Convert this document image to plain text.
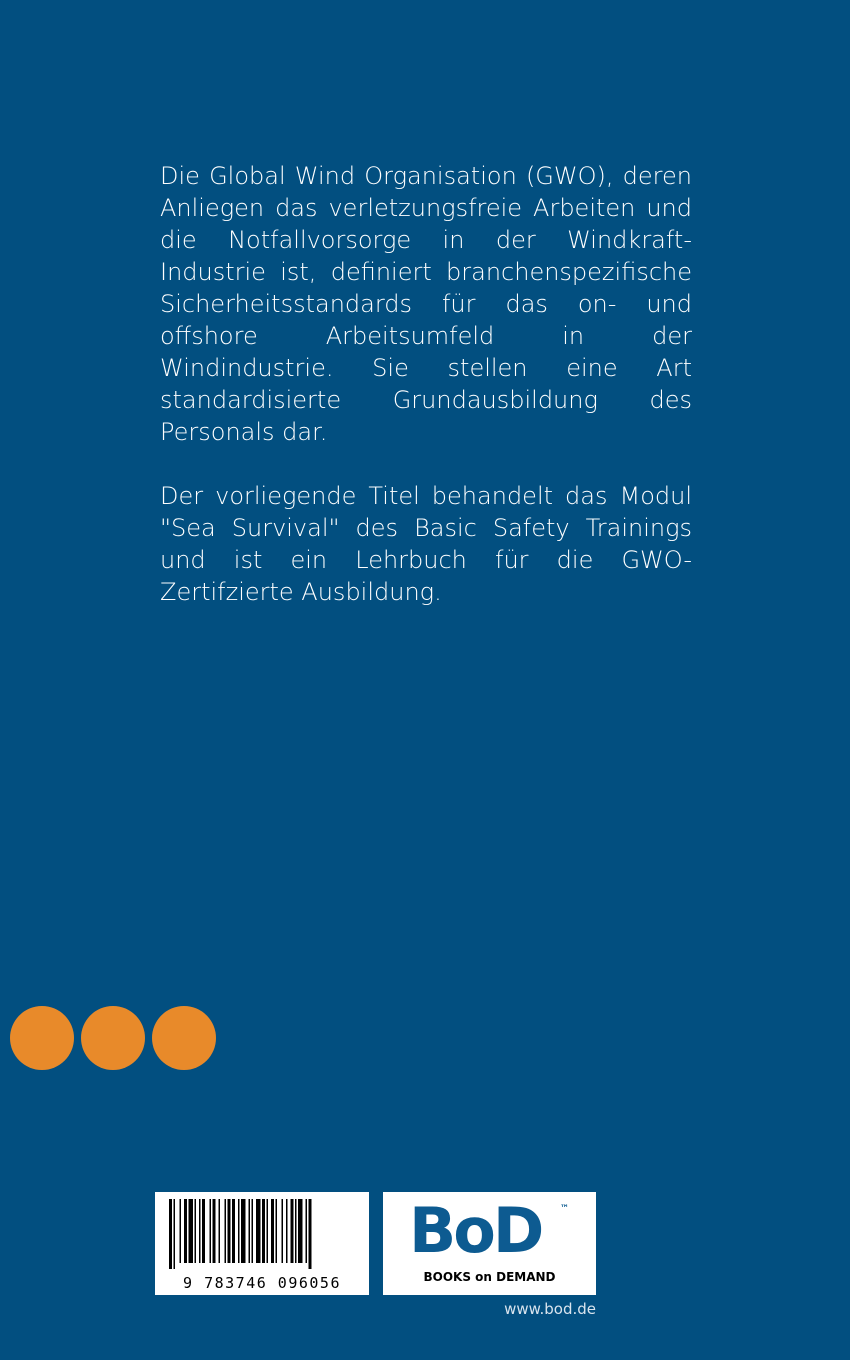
Die Global Wind Organisation (GWO), deren Anliegen das verletzungsfreie Arbeiten und die Notfallvorsorge in der Windkraft- Industrie ist, definiert branchenspezifische Sicherheitsstandards für das on- und offshore Arbeitsumfeld in der Windindustrie. Sie stellen eine Art standardisierte Grundausbildung des Personals dar.

Der vorliegende Titel behandelt das Modul "Sea Survival" des Basic Safety Trainings und ist ein Lehrbuch für die GWO-Zertifzierte Ausbildung.

9 783746 096056
BoD ™
BOOKS on DEMAND
www.bod.de
